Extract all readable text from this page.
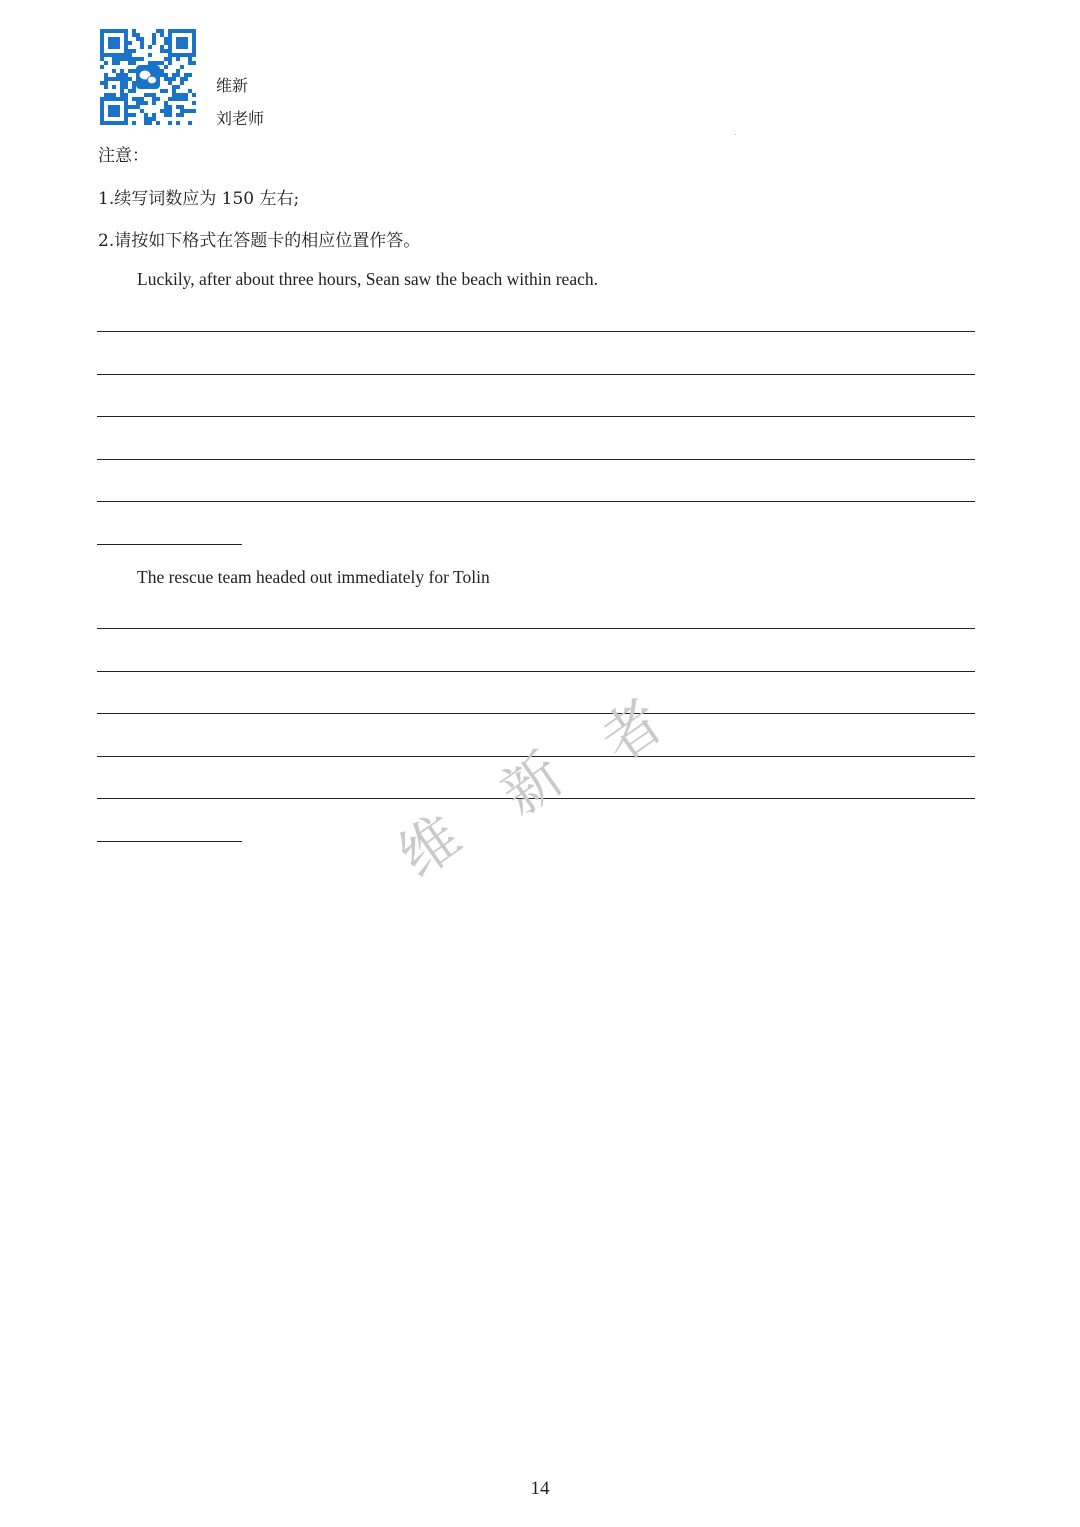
维新
刘老师
注意：
1.续写词数应为 150 左右;
2.请按如下格式在答题卡的相应位置作答。
Luckily, after about three hours, Sean saw the beach within reach.
The rescue team headed out immediately for Tolin
维
新
者
14
